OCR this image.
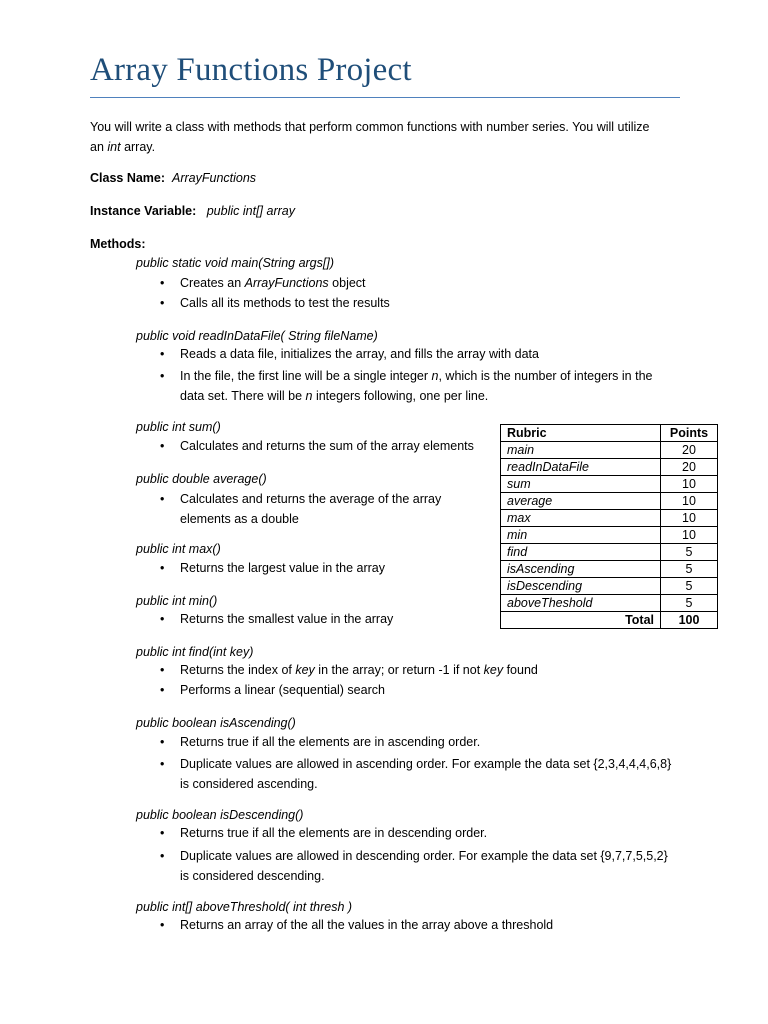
Array Functions Project

You will write a class with methods that perform common functions with number series. You will utilize

an int array.

Class Name: ArrayFunctions
Instance Variable: public int[] array
Methods:
public static void main(String args[])
• Creates an ArrayFunctions object
• Calls all its methods to test the results
public void readInDataFile( String fileName)
• Reads a data file, initializes the array, and fills the array with data
• In the file, the first line will be a single integer n, which is the number of integers in the
data set. There will be n integers following, one per line.
public int sum()
• Calculates and returns the sum of the array elements
public double average()
• Calculates and returns the average of the array
elements as a double
public int max()
• Returns the largest value in the array
public int min()
• Returns the smallest value in the array
public int find(int key)
• Returns the index of key in the array; or return -1 if not key found
• Performs a linear (sequential) search
public boolean isAscending()
• Returns true if all the elements are in ascending order.
• Duplicate values are allowed in ascending order. For example the data set {2,3,4,4,4,6,8}
is considered ascending.
public boolean isDescending()
• Returns true if all the elements are in descending order.
• Duplicate values are allowed in descending order. For example the data set {9,7,7,5,5,2}
is considered descending.
public int[] aboveThreshold( int thresh )
• Returns an array of the all the values in the array above a threshold
Rubric	Points
main	20
readInDataFile	20
sum	10
average	10
max	10
min	10
find	5
isAscending	5
isDescending	5
aboveTheshold	5
Total	100
